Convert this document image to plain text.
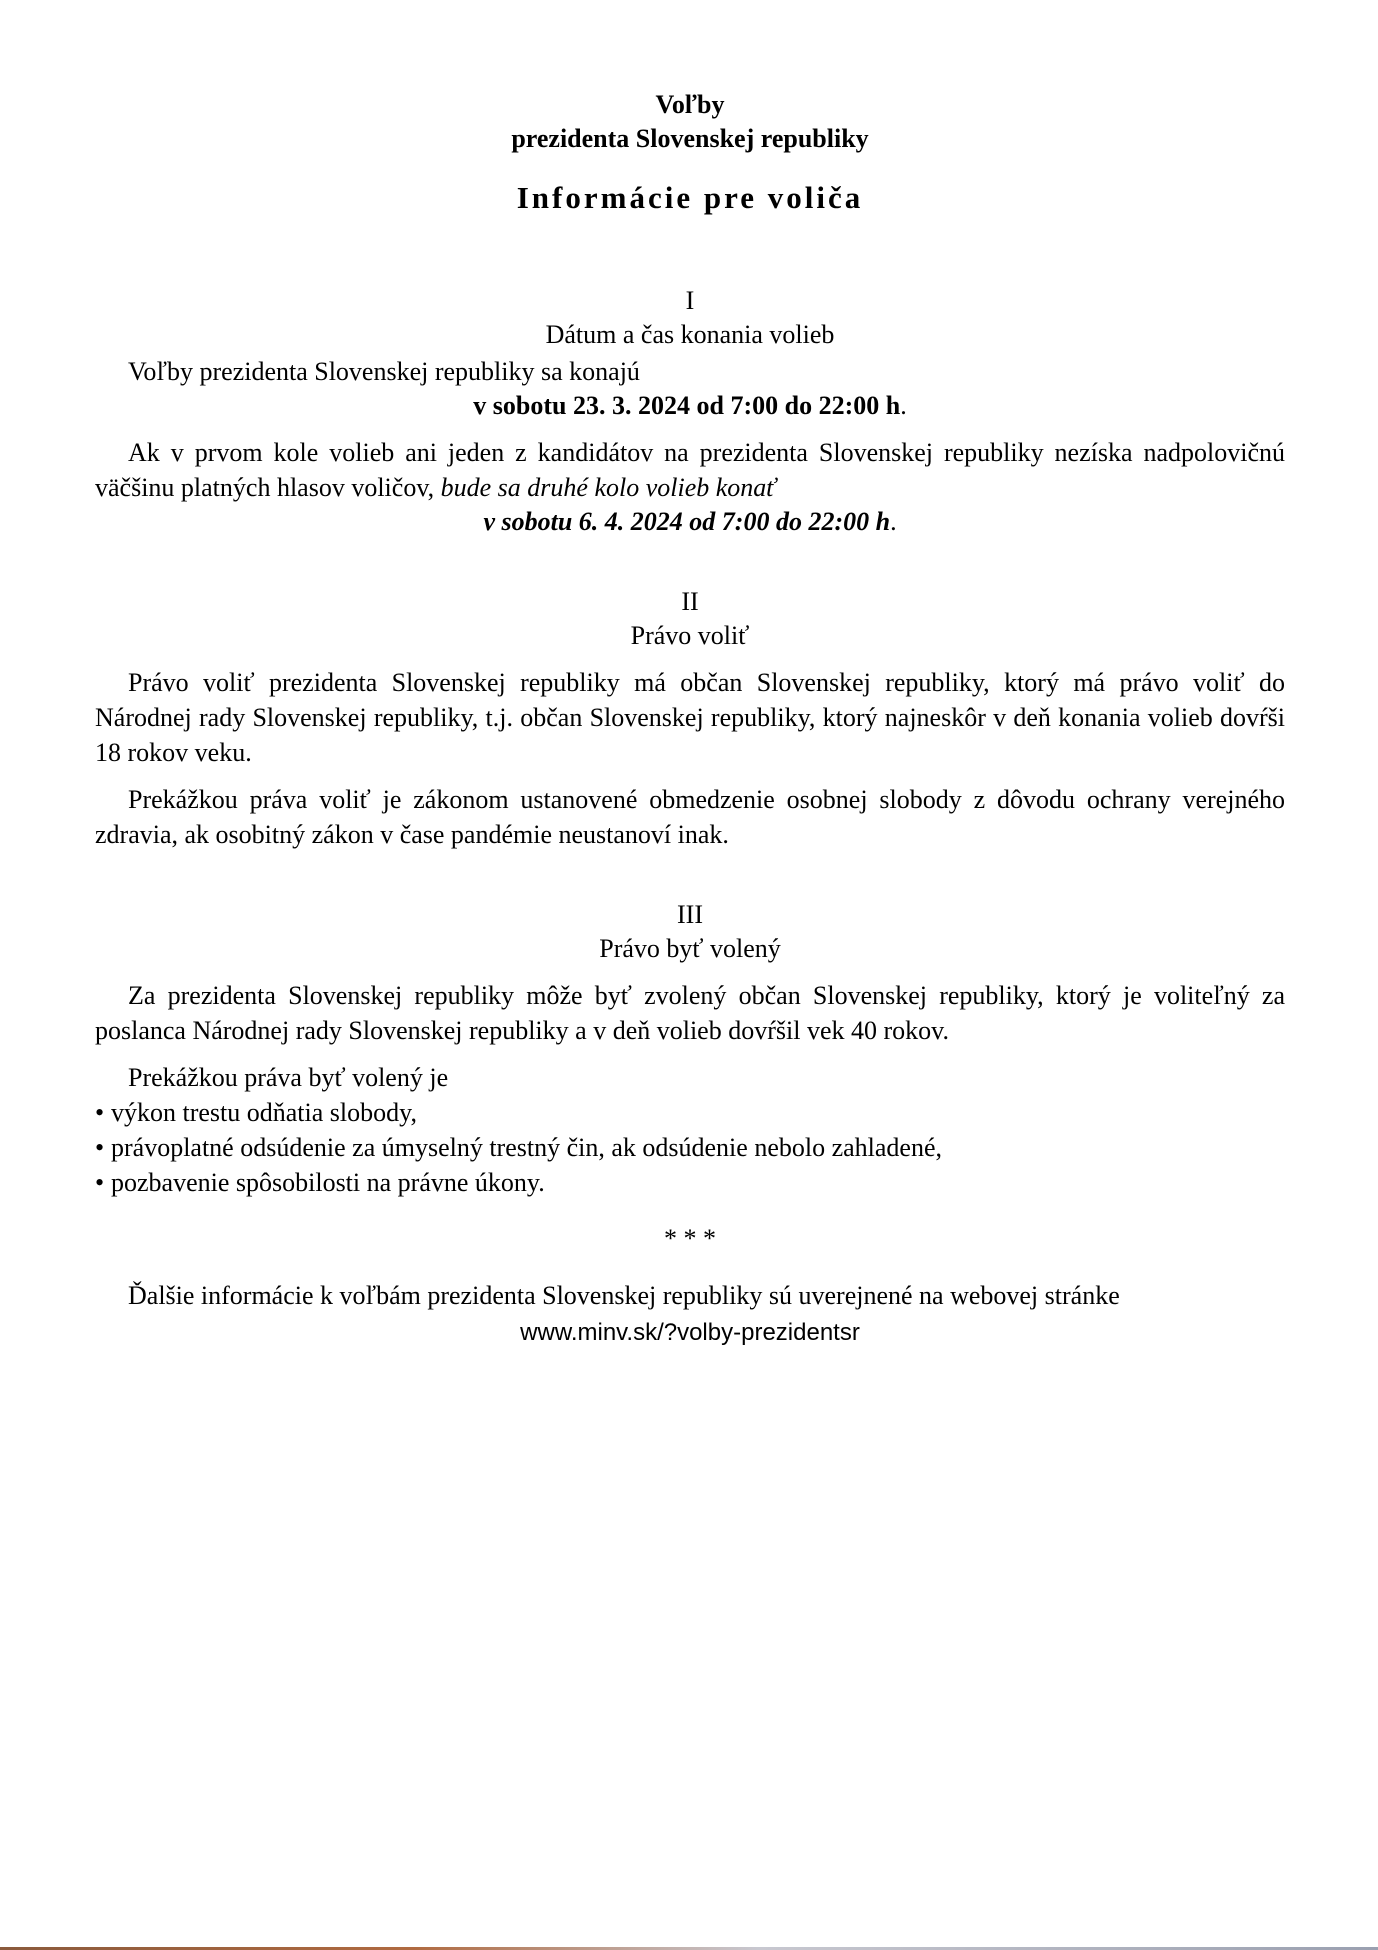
Voľby
prezidenta Slovenskej republiky
Informácie pre voliča
I
Dátum a čas konania volieb

Voľby prezidenta Slovenskej republiky sa konajú

v sobotu 23. 3. 2024 od 7:00 do 22:00 h.

Ak v prvom kole volieb ani jeden z kandidátov na prezidenta Slovenskej republiky nezíska nadpolovičnú väčšinu platných hlasov voličov, bude sa druhé kolo volieb konať

v sobotu 6. 4. 2024 od 7:00 do 22:00 h.
II
Právo voliť

Právo voliť prezidenta Slovenskej republiky má občan Slovenskej republiky, ktorý má právo voliť do Národnej rady Slovenskej republiky, t.j. občan Slovenskej republiky, ktorý najneskôr v deň konania volieb dovŕši 18 rokov veku.

Prekážkou práva voliť je zákonom ustanovené obmedzenie osobnej slobody z dôvodu ochrany verejného zdravia, ak osobitný zákon v čase pandémie neustanoví inak.

III
Právo byť volený

Za prezidenta Slovenskej republiky môže byť zvolený občan Slovenskej republiky, ktorý je voliteľný za poslanca Národnej rady Slovenskej republiky a v deň volieb dovŕšil vek 40 rokov.

Prekážkou práva byť volený je

• výkon trestu odňatia slobody,
• právoplatné odsúdenie za úmyselný trestný čin, ak odsúdenie nebolo zahladené,
• pozbavenie spôsobilosti na právne úkony.
* * *

Ďalšie informácie k voľbám prezidenta Slovenskej republiky sú uverejnené na webovej stránke

www.minv.sk/?volby-prezidentsr
